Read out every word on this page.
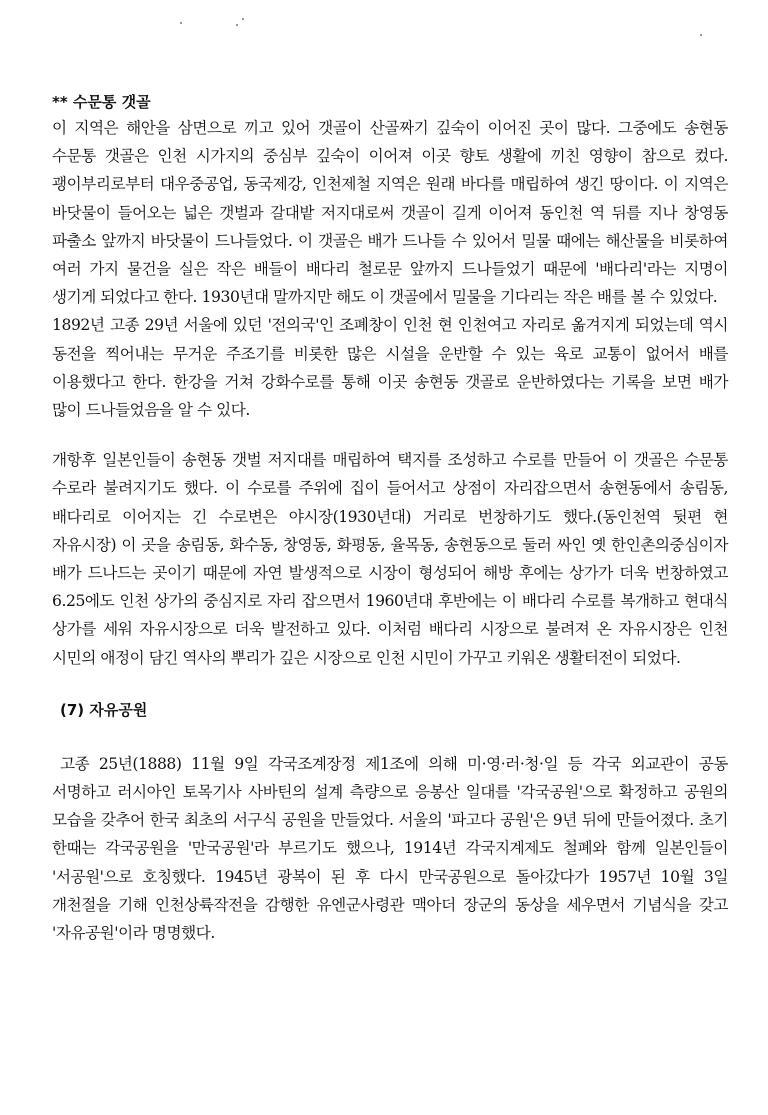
** 수문통 갯골

이 지역은 해안을 삼면으로 끼고 있어 갯골이 산골짜기 깊숙이 이어진 곳이 많다. 그중에도 송현동 수문통 갯골은 인천 시가지의 중심부 깊숙이 이어져 이곳 향토 생활에 끼친 영향이 참으로 컸다. 괭이부리로부터 대우중공업, 동국제강, 인천제철 지역은 원래 바다를 매립하여 생긴 땅이다. 이 지역은 바닷물이 들어오는 넓은 갯벌과 갈대밭 저지대로써 갯골이 길게 이어져 동인천 역 뒤를 지나 창영동 파출소 앞까지 바닷물이 드나들었다. 이 갯골은 배가 드나들 수 있어서 밀물 때에는 해산물을 비롯하여 여러 가지 물건을 실은 작은 배들이 배다리 철로문 앞까지 드나들었기 때문에 '배다리'라는 지명이 생기게 되었다고 한다. 1930년대 말까지만 해도 이 갯골에서 밀물을 기다리는 작은 배를 볼 수 있었다.

1892년 고종 29년 서울에 있던 '전의국'인 조폐창이 인천 현 인천여고 자리로 옮겨지게 되었는데 역시 동전을 찍어내는 무거운 주조기를 비롯한 많은 시설을 운반할 수 있는 육로 교통이 없어서 배를 이용했다고 한다. 한강을 거쳐 강화수로를 통해 이곳 송현동 갯골로 운반하였다는 기록을 보면 배가 많이 드나들었음을 알 수 있다.

개항후 일본인들이 송현동 갯벌 저지대를 매립하여 택지를 조성하고 수로를 만들어 이 갯골은 수문통 수로라 불려지기도 했다. 이 수로를 주위에 집이 들어서고 상점이 자리잡으면서 송현동에서 송림동, 배다리로 이어지는 긴 수로변은 야시장(1930년대) 거리로 번창하기도 했다.(동인천역 뒷편 현 자유시장) 이 곳을 송림동, 화수동, 창영동, 화평동, 율목동, 송현동으로 둘러 싸인 옛 한인촌의중심이자 배가 드나드는 곳이기 때문에 자연 발생적으로 시장이 형성되어 해방 후에는 상가가 더욱 번창하였고 6.25에도 인천 상가의 중심지로 자리 잡으면서 1960년대 후반에는 이 배다리 수로를 복개하고 현대식 상가를 세워 자유시장으로 더욱 발전하고 있다. 이처럼 배다리 시장으로 불려져 온 자유시장은 인천 시민의 애정이 담긴 역사의 뿌리가 깊은 시장으로 인천 시민이 가꾸고 키워온 생활터전이 되었다.

(7) 자유공원

고종 25년(1888) 11월 9일 각국조계장정 제1조에 의해 미·영·러·청·일 등 각국 외교관이 공동 서명하고 러시아인 토목기사 사바틴의 설계 측량으로 응봉산 일대를 '각국공원'으로 확정하고 공원의 모습을 갖추어 한국 최초의 서구식 공원을 만들었다. 서울의 '파고다 공원'은 9년 뒤에 만들어졌다. 초기 한때는 각국공원을 '만국공원'라 부르기도 했으나, 1914년 각국지계제도 철폐와 함께 일본인들이 '서공원'으로 호칭했다. 1945년 광복이 된 후 다시 만국공원으로 돌아갔다가 1957년 10월 3일 개천절을 기해 인천상륙작전을 감행한 유엔군사령관 맥아더 장군의 동상을 세우면서 기념식을 갖고 '자유공원'이라 명명했다.
